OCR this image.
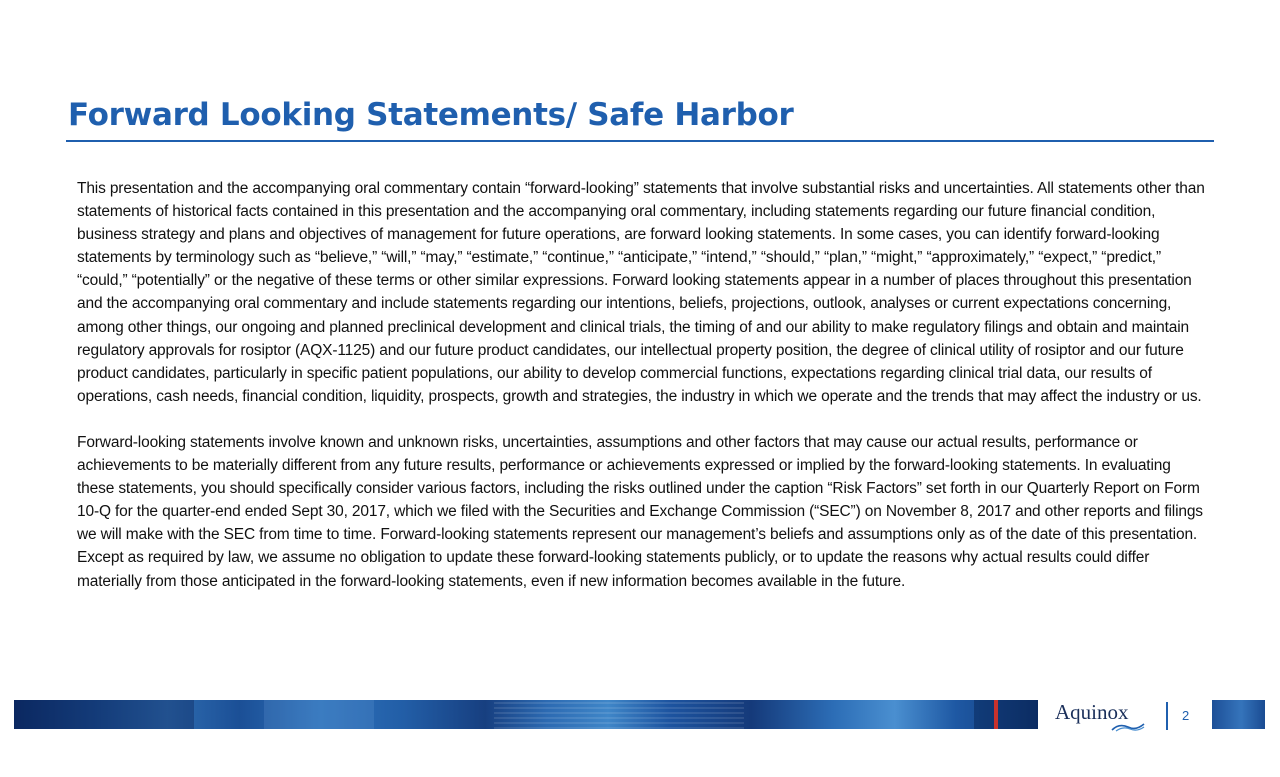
Forward Looking Statements/ Safe Harbor

This presentation and the accompanying oral commentary contain “forward-looking” statements that involve substantial risks and uncertainties. All statements other than statements of historical facts contained in this presentation and the accompanying oral commentary, including statements regarding our future financial condition, business strategy and plans and objectives of management for future operations, are forward looking statements. In some cases, you can identify forward-looking statements by terminology such as “believe,” “will,” “may,” “estimate,” “continue,” “anticipate,” “intend,” “should,” “plan,” “might,” “approximately,” “expect,” “predict,” “could,” “potentially” or the negative of these terms or other similar expressions. Forward looking statements appear in a number of places throughout this presentation and the accompanying oral commentary and include statements regarding our intentions, beliefs, projections, outlook, analyses or current expectations concerning, among other things, our ongoing and planned preclinical development and clinical trials, the timing of and our ability to make regulatory filings and obtain and maintain regulatory approvals for rosiptor (AQX-1125) and our future product candidates, our intellectual property position, the degree of clinical utility of rosiptor and our future product candidates, particularly in specific patient populations, our ability to develop commercial functions, expectations regarding clinical trial data, our results of operations, cash needs, financial condition, liquidity, prospects, growth and strategies, the industry in which we operate and the trends that may affect the industry or us.

Forward-looking statements involve known and unknown risks, uncertainties, assumptions and other factors that may cause our actual results, performance or achievements to be materially different from any future results, performance or achievements expressed or implied by the forward-looking statements. In evaluating these statements, you should specifically consider various factors, including the risks outlined under the caption “Risk Factors” set forth in our Quarterly Report on Form 10-Q for the quarter-end ended Sept 30, 2017, which we filed with the Securities and Exchange Commission (“SEC”) on November 8, 2017 and other reports and filings we will make with the SEC from time to time. Forward-looking statements represent our management’s beliefs and assumptions only as of the date of this presentation. Except as required by law, we assume no obligation to update these forward-looking statements publicly, or to update the reasons why actual results could differ materially from those anticipated in the forward-looking statements, even if new information becomes available in the future.

Aquinox	2
